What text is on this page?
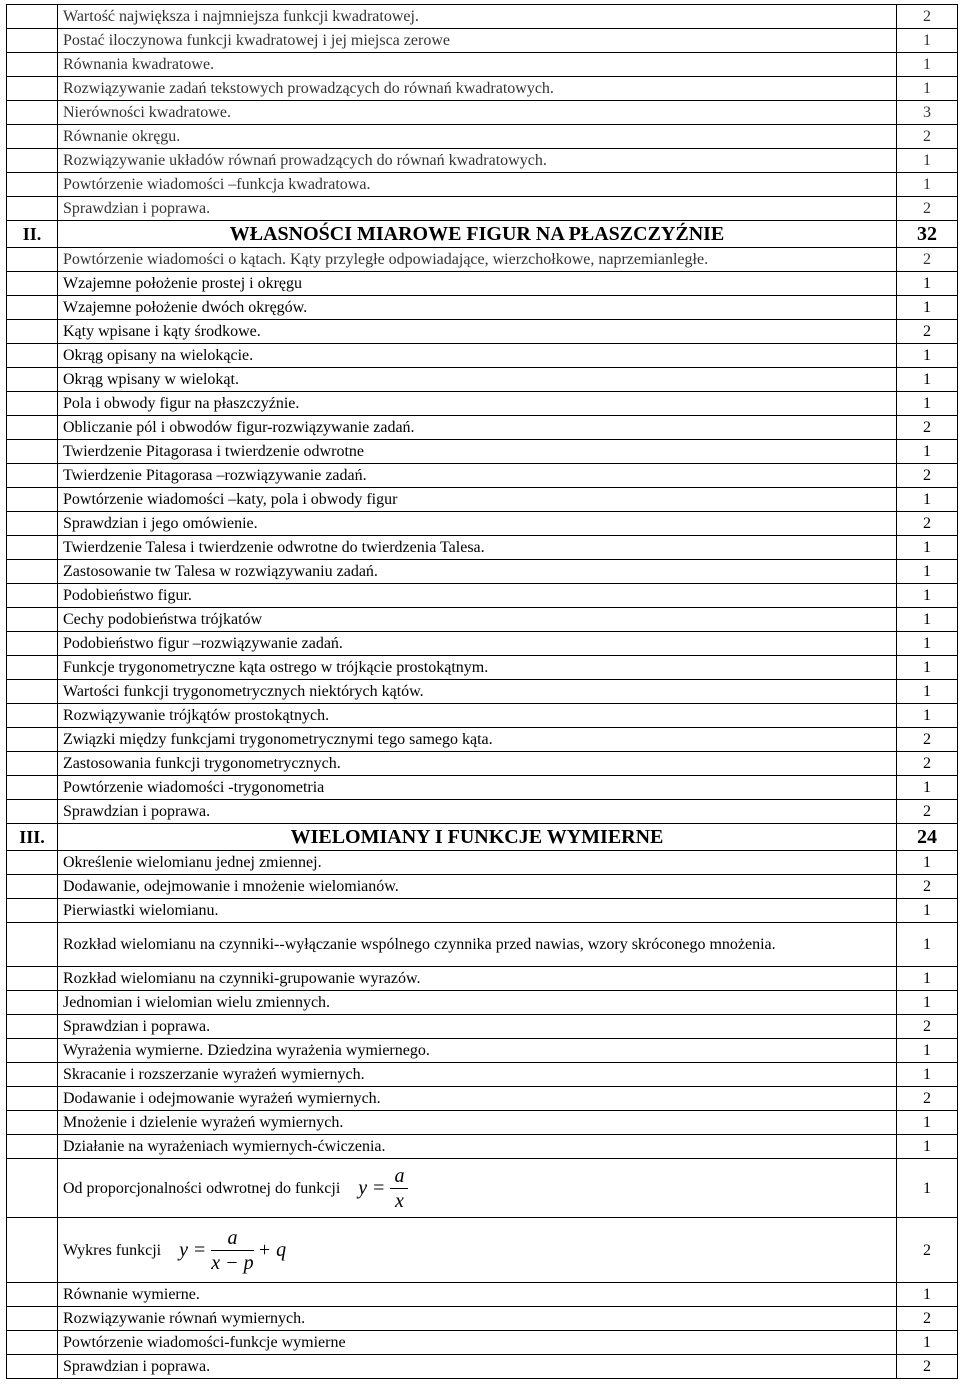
	Wartość największa i najmniejsza funkcji kwadratowej.	2
	Postać iloczynowa funkcji kwadratowej i jej miejsca zerowe	1
	Równania kwadratowe.	1
	Rozwiązywanie zadań tekstowych prowadzących do równań kwadratowych.	1
	Nierówności kwadratowe.	3
	Równanie okręgu.	2
	Rozwiązywanie układów równań prowadzących do równań kwadratowych.	1
	Powtórzenie wiadomości –funkcja kwadratowa.	1
	Sprawdzian i poprawa.	2
II.	WŁASNOŚCI MIAROWE FIGUR NA PŁASZCZYŹNIE	32
	Powtórzenie wiadomości o kątach. Kąty przyległe odpowiadające, wierzchołkowe, naprzemianległe.	2
	Wzajemne położenie prostej i okręgu	1
	Wzajemne położenie dwóch okręgów.	1
	Kąty wpisane i kąty środkowe.	2
	Okrąg opisany na wielokącie.	1
	Okrąg wpisany w wielokąt.	1
	Pola i obwody figur na płaszczyźnie.	1
	Obliczanie pól i obwodów figur-rozwiązywanie zadań.	2
	Twierdzenie Pitagorasa i twierdzenie odwrotne	1
	Twierdzenie Pitagorasa –rozwiązywanie zadań.	2
	Powtórzenie wiadomości –katy, pola i obwody figur	1
	Sprawdzian i jego omówienie.	2
	Twierdzenie Talesa i twierdzenie odwrotne do twierdzenia Talesa.	1
	Zastosowanie tw Talesa w rozwiązywaniu zadań.	1
	Podobieństwo figur.	1
	Cechy podobieństwa trójkatów	1
	Podobieństwo figur –rozwiązywanie zadań.	1
	Funkcje trygonometryczne kąta ostrego w trójkącie prostokątnym.	1
	Wartości funkcji trygonometrycznych niektórych kątów.	1
	Rozwiązywanie trójkątów prostokątnych.	1
	Związki między funkcjami trygonometrycznymi tego samego kąta.	2
	Zastosowania funkcji trygonometrycznych.	2
	Powtórzenie wiadomości -trygonometria	1
	Sprawdzian i poprawa.	2
III.	WIELOMIANY I FUNKCJE WYMIERNE	24
	Określenie wielomianu jednej zmiennej.	1
	Dodawanie, odejmowanie i mnożenie wielomianów.	2
	Pierwiastki wielomianu.	1
	Rozkład wielomianu na czynniki--wyłączanie wspólnego czynnika przed nawias, wzory skróconego mnożenia.	1
	Rozkład wielomianu na czynniki-grupowanie wyrazów.	1
	Jednomian i wielomian wielu zmiennych.	1
	Sprawdzian i poprawa.	2
	Wyrażenia wymierne. Dziedzina wyrażenia wymiernego.	1
	Skracanie i rozszerzanie wyrażeń wymiernych.	1
	Dodawanie i odejmowanie wyrażeń wymiernych.	2
	Mnożenie i dzielenie wyrażeń wymiernych.	1
	Działanie na wyrażeniach wymiernych-ćwiczenia.	1
	Od proporcjonalności odwrotnej do funkcji $y = \frac{a}{x}$	1
	Wykres funkcji $y = \frac{a}{x - p} + q$	2
	Równanie wymierne.	1
	Rozwiązywanie równań wymiernych.	2
	Powtórzenie wiadomości-funkcje wymierne	1
	Sprawdzian i poprawa.	2
